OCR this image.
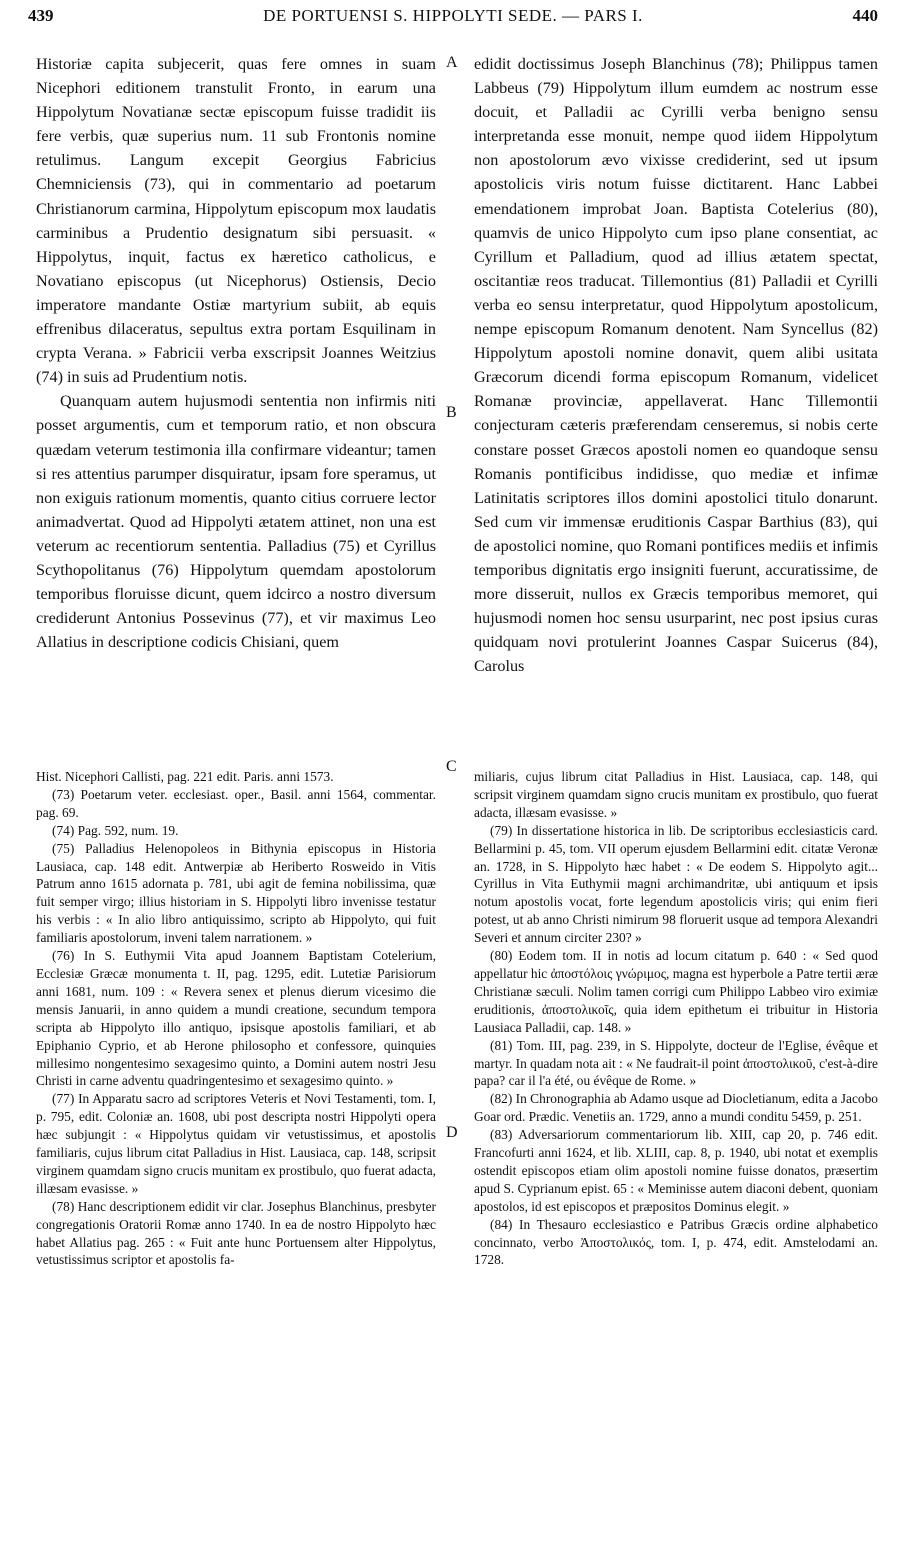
439	DE PORTUENSI S. HIPPOLYTI SEDE. — PARS I.	440

Historiæ capita subjecerit, quas fere omnes in suam Nicephori editionem transtulit Fronto, in earum una Hippolytum Novatianæ sectæ episcopum fuisse tradidit iis fere verbis, quæ superius num. 11 sub Frontonis nomine retulimus. Langum excepit Georgius Fabricius Chemniciensis (73), qui in commentario ad poetarum Christianorum carmina, Hippolytum episcopum mox laudatis carminibus a Prudentio designatum sibi persuasit. « Hippolytus, inquit, factus ex hæretico catholicus, e Novatiano episcopus (ut Nicephorus) Ostiensis, Decio imperatore mandante Ostiæ martyrium subiit, ab equis effrenibus dilaceratus, sepultus extra portam Esquilinam in crypta Verana. » Fabricii verba exscripsit Joannes Weitzius (74) in suis ad Prudentium notis.

Quanquam autem hujusmodi sententia non infirmis niti posset argumentis, cum et temporum ratio, et non obscura quædam veterum testimonia illa confirmare videantur; tamen si res attentius parumper disquiratur, ipsam fore speramus, ut non exiguis rationum momentis, quanto citius corruere lector animadvertat. Quod ad Hippolyti ætatem attinet, non una est veterum ac recentiorum sententia. Palladius (75) et Cyrillus Scythopolitanus (76) Hippolytum quemdam apostolorum temporibus floruisse dicunt, quem idcirco a nostro diversum crediderunt Antonius Possevinus (77), et vir maximus Leo Allatius in descriptione codicis Chisiani, quem

edidit doctissimus Joseph Blanchinus (78); Philippus tamen Labbeus (79) Hippolytum illum eumdem ac nostrum esse docuit, et Palladii ac Cyrilli verba benigno sensu interpretanda esse monuit, nempe quod iidem Hippolytum non apostolorum ævo vixisse crediderint, sed ut ipsum apostolicis viris notum fuisse dictitarent. Hanc Labbei emendationem improbat Joan. Baptista Cotelerius (80), quamvis de unico Hippolyto cum ipso plane consentiat, ac Cyrillum et Palladium, quod ad illius ætatem spectat, oscitantiæ reos traducat. Tillemontius (81) Palladii et Cyrilli verba eo sensu interpretatur, quod Hippolytum apostolicum, nempe episcopum Romanum denotent. Nam Syncellus (82) Hippolytum apostoli nomine donavit, quem alibi usitata Græcorum dicendi forma episcopum Romanum, videlicet Romanæ provinciæ, appellaverat. Hanc Tillemontii conjecturam cæteris præferendam censeremus, si nobis certe constare posset Græcos apostoli nomen eo quandoque sensu Romanis pontificibus indidisse, quo mediæ et infimæ Latinitatis scriptores illos domini apostolici titulo donarunt. Sed cum vir immensæ eruditionis Caspar Barthius (83), qui de apostolici nomine, quo Romani pontifices mediis et infimis temporibus dignitatis ergo insigniti fuerunt, accuratissime, de more disseruit, nullos ex Græcis temporibus memoret, qui hujusmodi nomen hoc sensu usurparint, nec post ipsius curas quidquam novi protulerint Joannes Caspar Suicerus (84), Carolus

A
B
C
D

Hist. Nicephori Callisti, pag. 221 edit. Paris. anni 1573.

(73) Poetarum veter. ecclesiast. oper., Basil. anni 1564, commentar. pag. 69.

(74) Pag. 592, num. 19.

(75) Palladius Helenopoleos in Bithynia episcopus in Historia Lausiaca, cap. 148 edit. Antwerpiæ ab Heriberto Rosweido in Vitis Patrum anno 1615 adornata p. 781, ubi agit de femina nobilissima, quæ fuit semper virgo; illius historiam in S. Hippolyti libro invenisse testatur his verbis : « In alio libro antiquissimo, scripto ab Hippolyto, qui fuit familiaris apostolorum, inveni talem narrationem. »

(76) In S. Euthymii Vita apud Joannem Baptistam Cotelerium, Ecclesiæ Græcæ monumenta t. II, pag. 1295, edit. Lutetiæ Parisiorum anni 1681, num. 109 : « Revera senex et plenus dierum vicesimo die mensis Januarii, in anno quidem a mundi creatione, secundum tempora scripta ab Hippolyto illo antiquo, ipsisque apostolis familiari, et ab Epiphanio Cyprio, et ab Herone philosopho et confessore, quinquies millesimo nongentesimo sexagesimo quinto, a Domini autem nostri Jesu Christi in carne adventu quadringentesimo et sexagesimo quinto. »

(77) In Apparatu sacro ad scriptores Veteris et Novi Testamenti, tom. I, p. 795, edit. Coloniæ an. 1608, ubi post descripta nostri Hippolyti opera hæc subjungit : « Hippolytus quidam vir vetustissimus, et apostolis familiaris, cujus librum citat Palladius in Hist. Lausiaca, cap. 148, scripsit virginem quamdam signo crucis munitam ex prostibulo, quo fuerat adacta, illæsam evasisse. »

(78) Hanc descriptionem edidit vir clar. Josephus Blanchinus, presbyter congregationis Oratorii Romæ anno 1740. In ea de nostro Hippolyto hæc habet Allatius pag. 265 : « Fuit ante hunc Portuensem alter Hippolytus, vetustissimus scriptor et apostolis fa-

miliaris, cujus librum citat Palladius in Hist. Lausiaca, cap. 148, qui scripsit virginem quamdam signo crucis munitam ex prostibulo, quo fuerat adacta, illæsam evasisse. »

(79) In dissertatione historica in lib. De scriptoribus ecclesiasticis card. Bellarmini p. 45, tom. VII operum ejusdem Bellarmini edit. citatæ Veronæ an. 1728, in S. Hippolyto hæc habet : « De eodem S. Hippolyto agit... Cyrillus in Vita Euthymii magni archimandritæ, ubi antiquum et ipsis notum apostolis vocat, forte legendum apostolicis viris; qui enim fieri potest, ut ab anno Christi nimirum 98 floruerit usque ad tempora Alexandri Severi et annum circiter 230? »

(80) Eodem tom. II in notis ad locum citatum p. 640 : « Sed quod appellatur hic ἀποστόλοις γνώριμος, magna est hyperbole a Patre tertii æræ Christianæ sæculi. Nolim tamen corrigi cum Philippo Labbeo viro eximiæ eruditionis, ἀποστολικοῖς, quia idem epithetum ei tribuitur in Historia Lausiaca Palladii, cap. 148. »

(81) Tom. III, pag. 239, in S. Hippolyte, docteur de l'Eglise, évêque et martyr. In quadam nota ait : « Ne faudrait-il point ἀποστολικοῦ, c'est-à-dire papa? car il l'a été, ou évêque de Rome. »

(82) In Chronographia ab Adamo usque ad Diocletianum, edita a Jacobo Goar ord. Prædic. Venetiis an. 1729, anno a mundi conditu 5459, p. 251.

(83) Adversariorum commentariorum lib. XIII, cap 20, p. 746 edit. Francofurti anni 1624, et lib. XLIII, cap. 8, p. 1940, ubi notat et exemplis ostendit episcopos etiam olim apostoli nomine fuisse donatos, præsertim apud S. Cyprianum epist. 65 : « Meminisse autem diaconi debent, quoniam apostolos, id est episcopos et præpositos Dominus elegit. »

(84) In Thesauro ecclesiastico e Patribus Græcis ordine alphabetico concinnato, verbo Ἀποστολικός, tom. I, p. 474, edit. Amstelodami an. 1728.
